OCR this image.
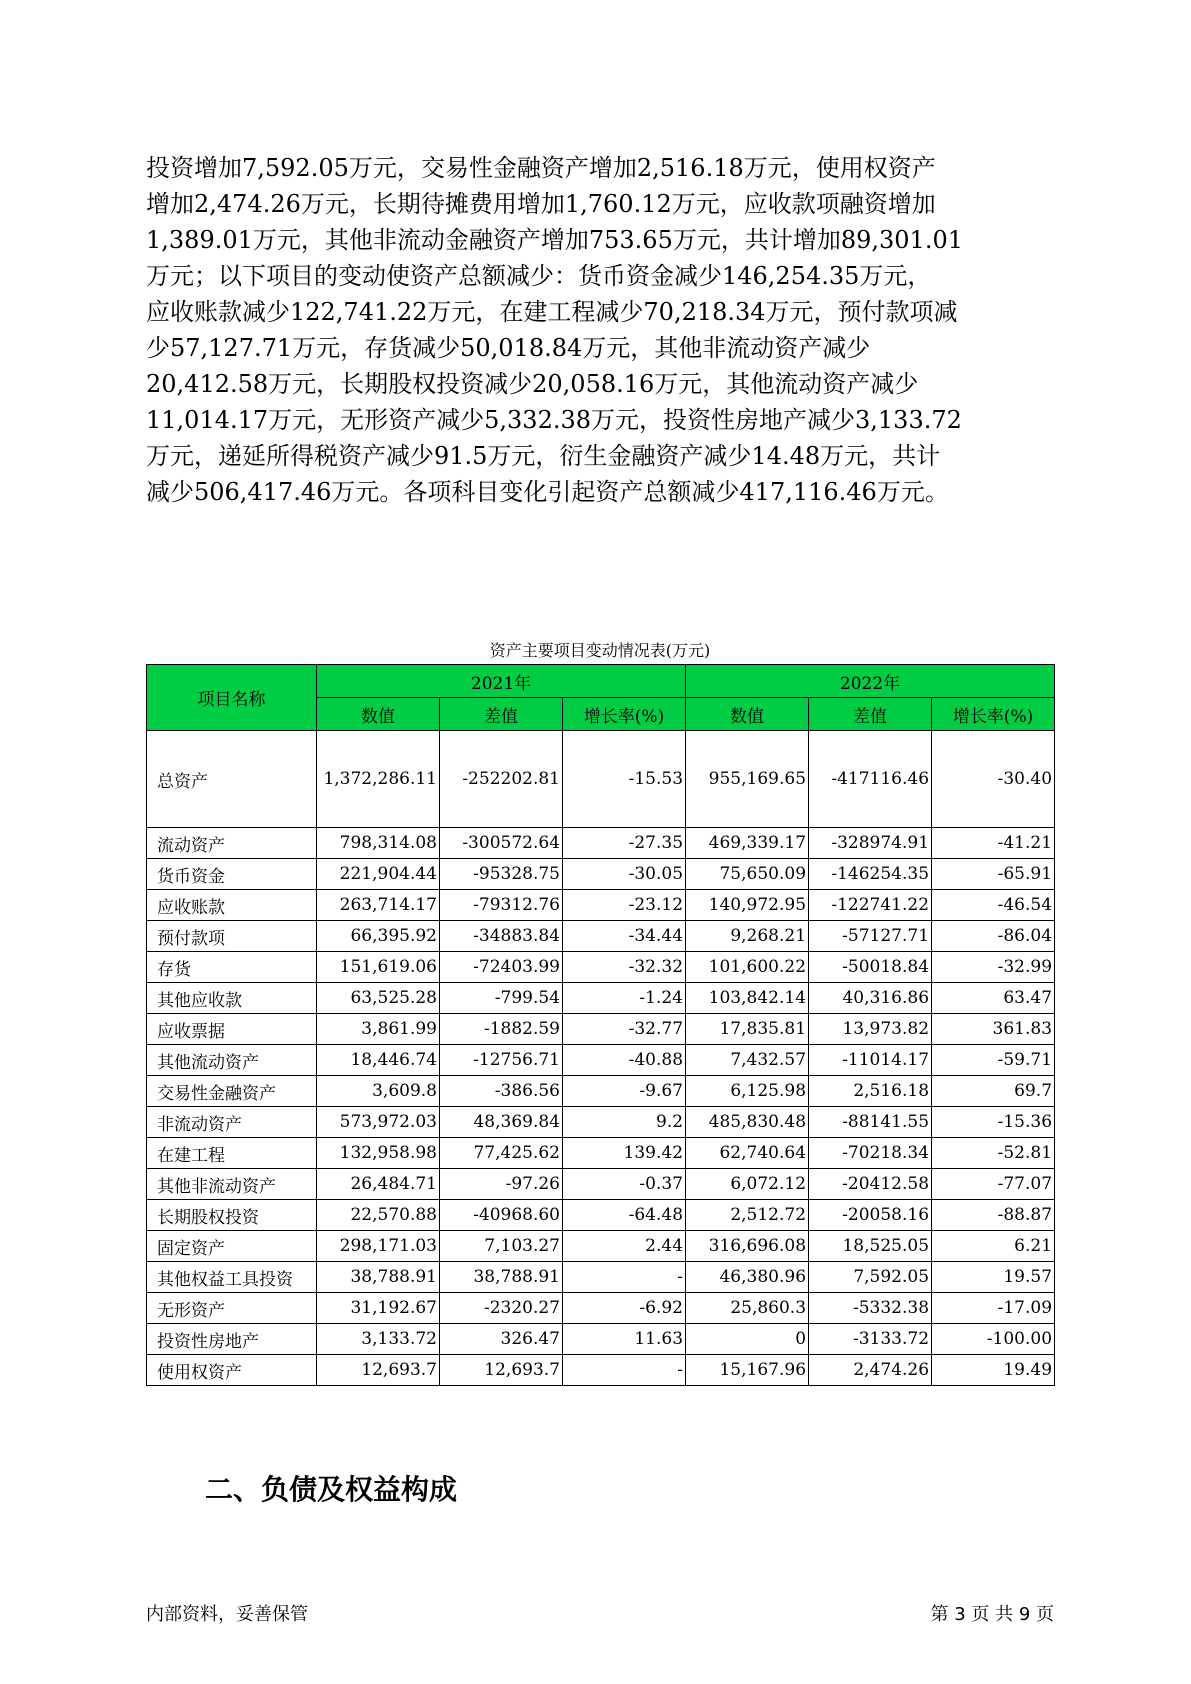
投资增加7,592.05万元，交易性金融资产增加2,516.18万元，使用权资产
增加2,474.26万元，长期待摊费用增加1,760.12万元，应收款项融资增加
1,389.01万元，其他非流动金融资产增加753.65万元，共计增加89,301.01
万元；以下项目的变动使资产总额减少：货币资金减少146,254.35万元，
应收账款减少122,741.22万元，在建工程减少70,218.34万元，预付款项减
少57,127.71万元，存货减少50,018.84万元，其他非流动资产减少
20,412.58万元，长期股权投资减少20,058.16万元，其他流动资产减少
11,014.17万元，无形资产减少5,332.38万元，投资性房地产减少3,133.72
万元，递延所得税资产减少91.5万元，衍生金融资产减少14.48万元，共计
减少506,417.46万元。各项科目变化引起资产总额减少417,116.46万元。

资产主要项目变动情况表(万元)
项目名称	2021年			2022年		
	数值	差值	增长率(%)	数值	差值	增长率(%)
总资产	1,372,286.11	-252202.81	-15.53	955,169.65	-417116.46	-30.40
流动资产	798,314.08	-300572.64	-27.35	469,339.17	-328974.91	-41.21
货币资金	221,904.44	-95328.75	-30.05	75,650.09	-146254.35	-65.91
应收账款	263,714.17	-79312.76	-23.12	140,972.95	-122741.22	-46.54
预付款项	66,395.92	-34883.84	-34.44	9,268.21	-57127.71	-86.04
存货	151,619.06	-72403.99	-32.32	101,600.22	-50018.84	-32.99
其他应收款	63,525.28	-799.54	-1.24	103,842.14	40,316.86	63.47
应收票据	3,861.99	-1882.59	-32.77	17,835.81	13,973.82	361.83
其他流动资产	18,446.74	-12756.71	-40.88	7,432.57	-11014.17	-59.71
交易性金融资产	3,609.8	-386.56	-9.67	6,125.98	2,516.18	69.7
非流动资产	573,972.03	48,369.84	9.2	485,830.48	-88141.55	-15.36
在建工程	132,958.98	77,425.62	139.42	62,740.64	-70218.34	-52.81
其他非流动资产	26,484.71	-97.26	-0.37	6,072.12	-20412.58	-77.07
长期股权投资	22,570.88	-40968.60	-64.48	2,512.72	-20058.16	-88.87
固定资产	298,171.03	7,103.27	2.44	316,696.08	18,525.05	6.21
其他权益工具投资	38,788.91	38,788.91	-	46,380.96	7,592.05	19.57
无形资产	31,192.67	-2320.27	-6.92	25,860.3	-5332.38	-17.09
投资性房地产	3,133.72	326.47	11.63	0	-3133.72	-100.00
使用权资产	12,693.7	12,693.7	-	15,167.96	2,474.26	19.49
二、负债及权益构成
内部资料，妥善保管	第 3 页 共 9 页
